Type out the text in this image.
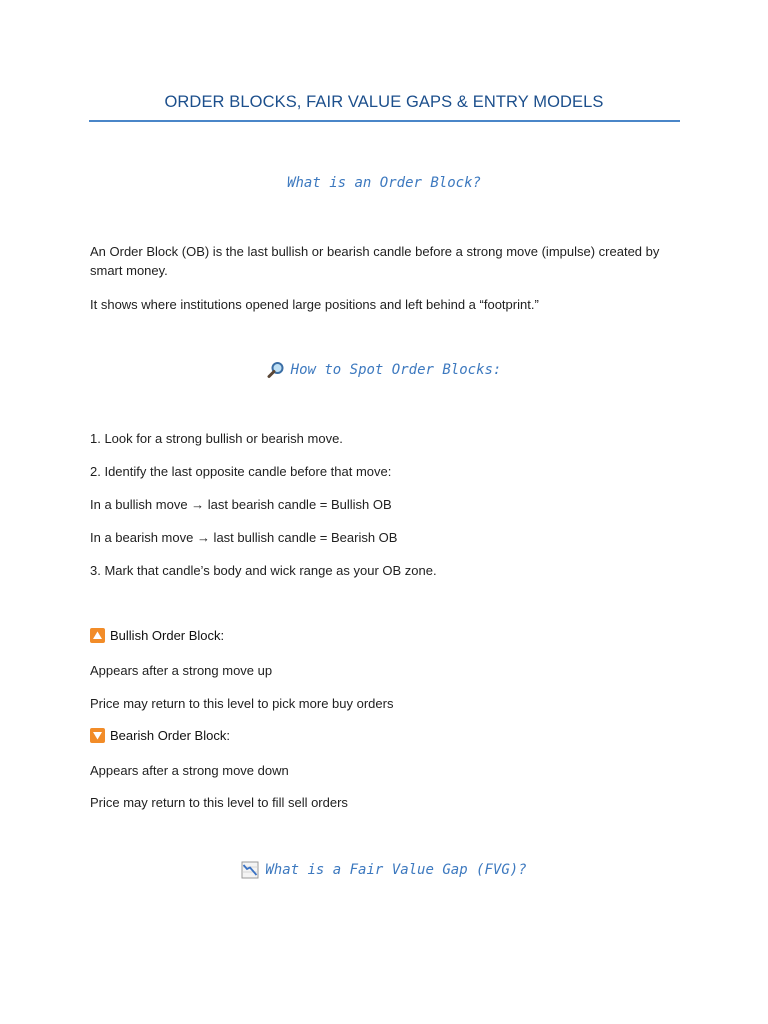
ORDER BLOCKS, FAIR VALUE GAPS & ENTRY MODELS
What is an Order Block?

An Order Block (OB) is the last bullish or bearish candle before a strong move (impulse) created by smart money.

It shows where institutions opened large positions and left behind a “footprint.”

How to Spot Order Blocks:

1. Look for a strong bullish or bearish move.

2. Identify the last opposite candle before that move:

In a bullish move → last bearish candle = Bullish OB

In a bearish move → last bullish candle = Bearish OB

3. Mark that candle’s body and wick range as your OB zone.

Bullish Order Block:

Appears after a strong move up

Price may return to this level to pick more buy orders

Bearish Order Block:

Appears after a strong move down

Price may return to this level to fill sell orders

What is a Fair Value Gap (FVG)?
